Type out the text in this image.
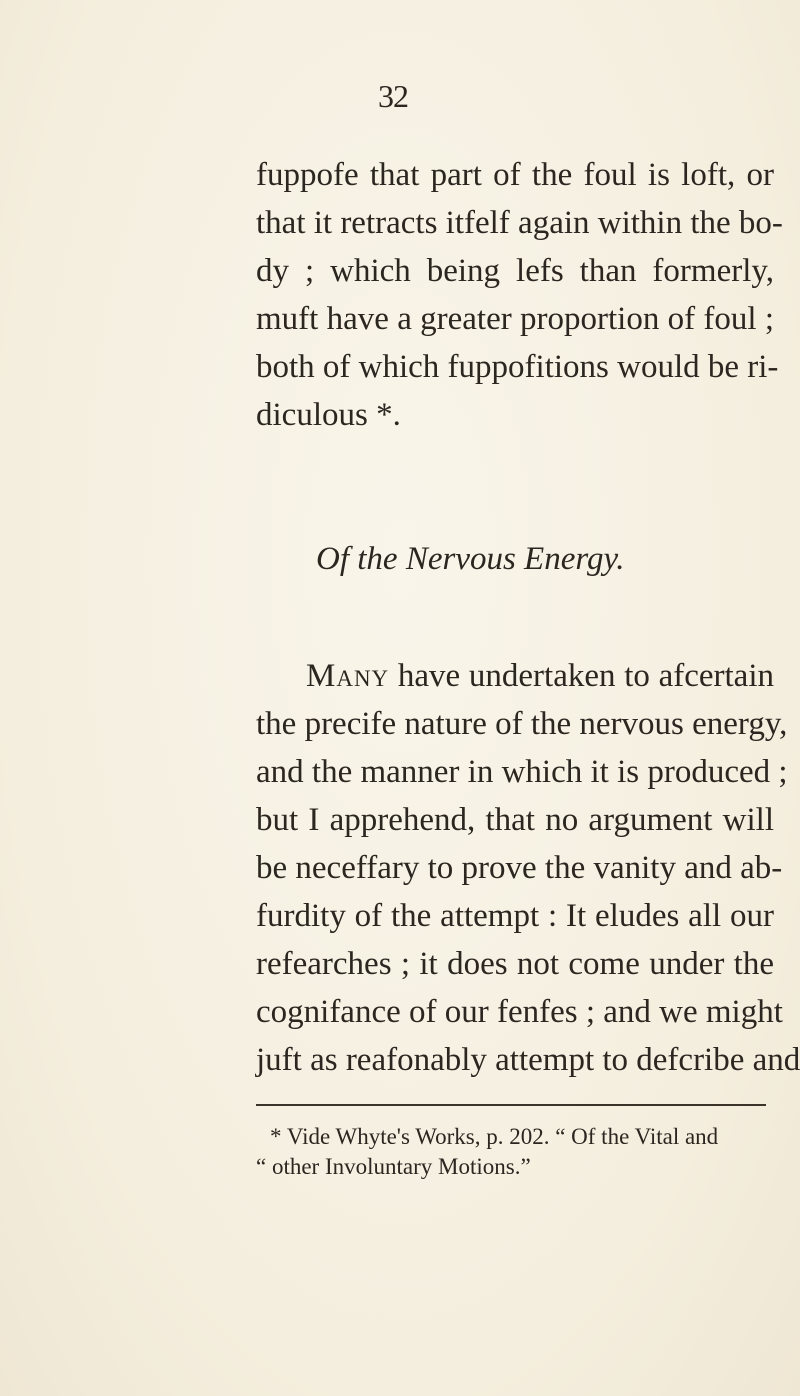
32
fuppofe that part of the foul is loft, or
that it retracts itfelf again within the bo-
dy ; which being lefs than formerly,
muft have a greater proportion of foul ;
both of which fuppofitions would be ri-
diculous *.
Of the Nervous Energy.
Many have undertaken to afcertain
the precife nature of the nervous energy,
and the manner in which it is produced ;
but I apprehend, that no argument will
be neceffary to prove the vanity and ab-
furdity of the attempt : It eludes all our
refearches ; it does not come under the
cognifance of our fenfes ; and we might
juft as reafonably attempt to defcribe and
* Vide Whyte's Works, p. 202. “ Of the Vital and
“ other Involuntary Motions.”
